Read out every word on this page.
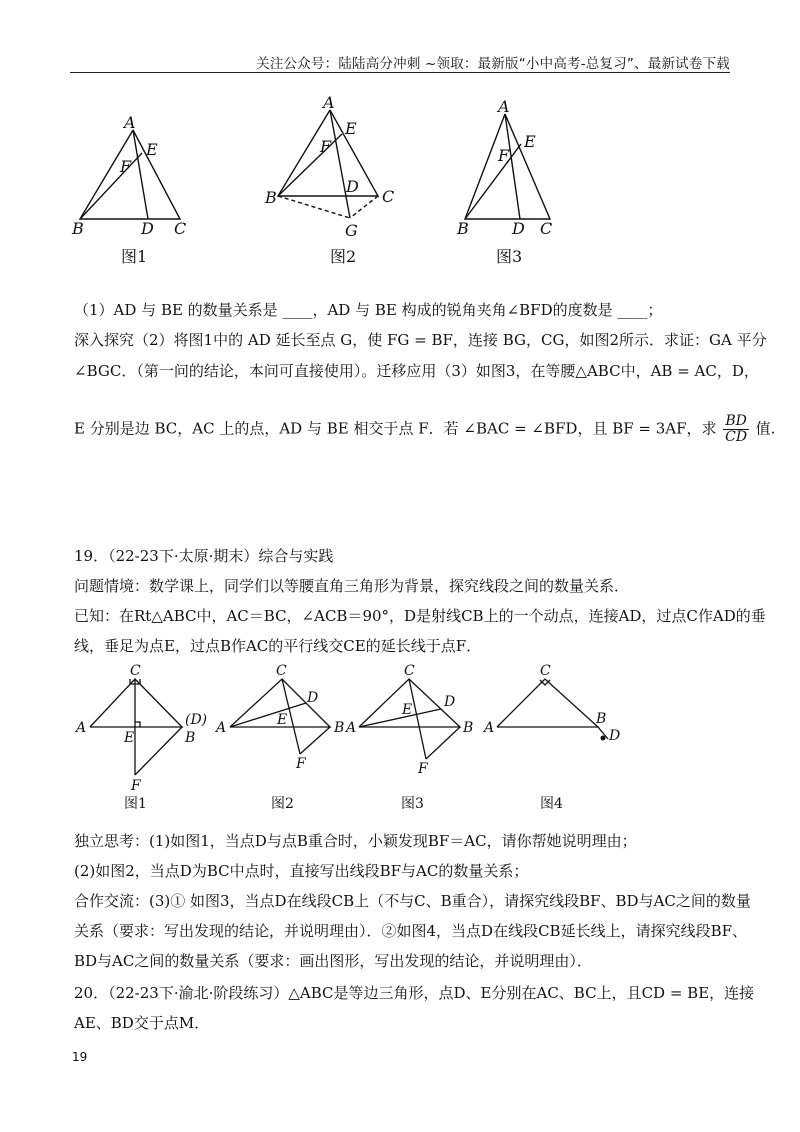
关注公众号：陆陆高分冲刺 ~领取：最新版“小中高考-总复习”、最新试卷下载
A
B	C
D
E
F
A
B	C
D
E
F
G
A
B	C
D
E
F
图1	图2	图3
（1）AD 与 BE 的数量关系是 ____，AD 与 BE 构成的锐角夹角∠BFD的度数是 ____；
深入探究（2）将图1中的 AD 延长至点 G，使 FG = BF，连接 BG，CG，如图2所示．求证：GA 平分
∠BGC．（第一问的结论，本问可直接使用）。迁移应用（3）如图3，在等腰△ABC中，AB = AC，D，
E 分别是边 BC，AC 上的点，AD 与 BE 相交于点 F．若 ∠BAC = ∠BFD，且 BF = 3AF，求 $\frac{BD}{CD}$ 值.
19．（22-23下·太原·期末）综合与实践
问题情境：数学课上，同学们以等腰直角三角形为背景，探究线段之间的数量关系．
已知：在Rt△ABC中，AC＝BC，∠ACB＝90°，D是射线CB上的一个动点，连接AD，过点C作AD的垂
线，垂足为点E，过点B作AC的平行线交CE的延长线于点F．
C
A	(D)
B
E
F
C
A	B
D
E
F
C
A	B
D
E
F
C
A
B
D
图1	图2	图3	图4
独立思考：(1)如图1，当点D与点B重合时，小颖发现BF＝AC，请你帮她说明理由；
(2)如图2，当点D为BC中点时，直接写出线段BF与AC的数量关系；
合作交流：(3)① 如图3，当点D在线段CB上（不与C、B重合），请探究线段BF、BD与AC之间的数量
关系（要求：写出发现的结论，并说明理由）．②如图4，当点D在线段CB延长线上，请探究线段BF、
BD与AC之间的数量关系（要求：画出图形，写出发现的结论，并说明理由）．
20．（22-23下·渝北·阶段练习）△ABC是等边三角形，点D、E分别在AC、BC上，且CD = BE，连接
AE、BD交于点M．
19
